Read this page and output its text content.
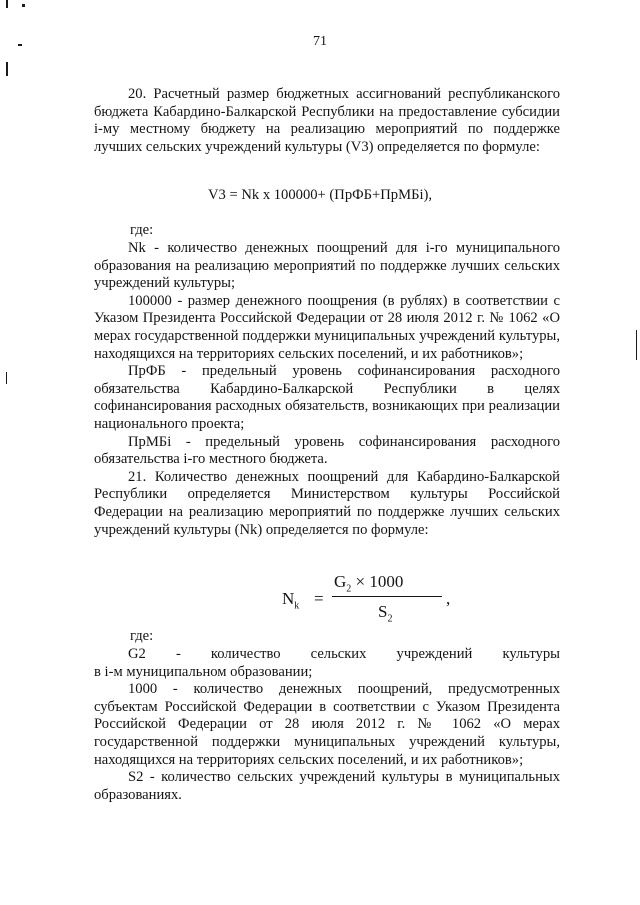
71

20. Расчетный размер бюджетных ассигнований республиканского бюджета Кабардино-Балкарской Республики на предоставление субсидии i-му местному бюджету на реализацию мероприятий по поддержке лучших сельских учреждений культуры (V3) определяется по формуле:

V3 = Nk x 100000+ (ПрФБ+ПрМБi),
где:

Nk - количество денежных поощрений для i-го муниципального образования на реализацию мероприятий по поддержке лучших сельских учреждений культуры;

100000 - размер денежного поощрения (в рублях) в соответствии с Указом Президента Российской Федерации от 28 июля 2012 г. № 1062 «О мерах государственной поддержки муниципальных учреждений культуры, находящихся на территориях сельских поселений, и их работников»;

ПрФБ - предельный уровень софинансирования расходного обязательства Кабардино-Балкарской Республики в целях софинансирования расходных обязательств, возникающих при реализации национального проекта;

ПрМБi - предельный уровень софинансирования расходного обязательства i-го местного бюджета.

21. Количество денежных поощрений для Кабардино-Балкарской Республики определяется Министерством культуры Российской Федерации на реализацию мероприятий по поддержке лучших сельских учреждений культуры (Nk) определяется по формуле:

$N_k$ =
$G_2 \times 1000$
$S_2$
,
где:
G2 - количество сельских учреждений культуры

в i-м муниципальном образовании;

1000 - количество денежных поощрений, предусмотренных субъектам Российской Федерации в соответствии с Указом Президента Российской Федерации от 28 июля 2012 г. № 1062 «О мерах государственной поддержки муниципальных учреждений культуры, находящихся на территориях сельских поселений, и их работников»;

S2 - количество сельских учреждений культуры в муниципальных образованиях.
